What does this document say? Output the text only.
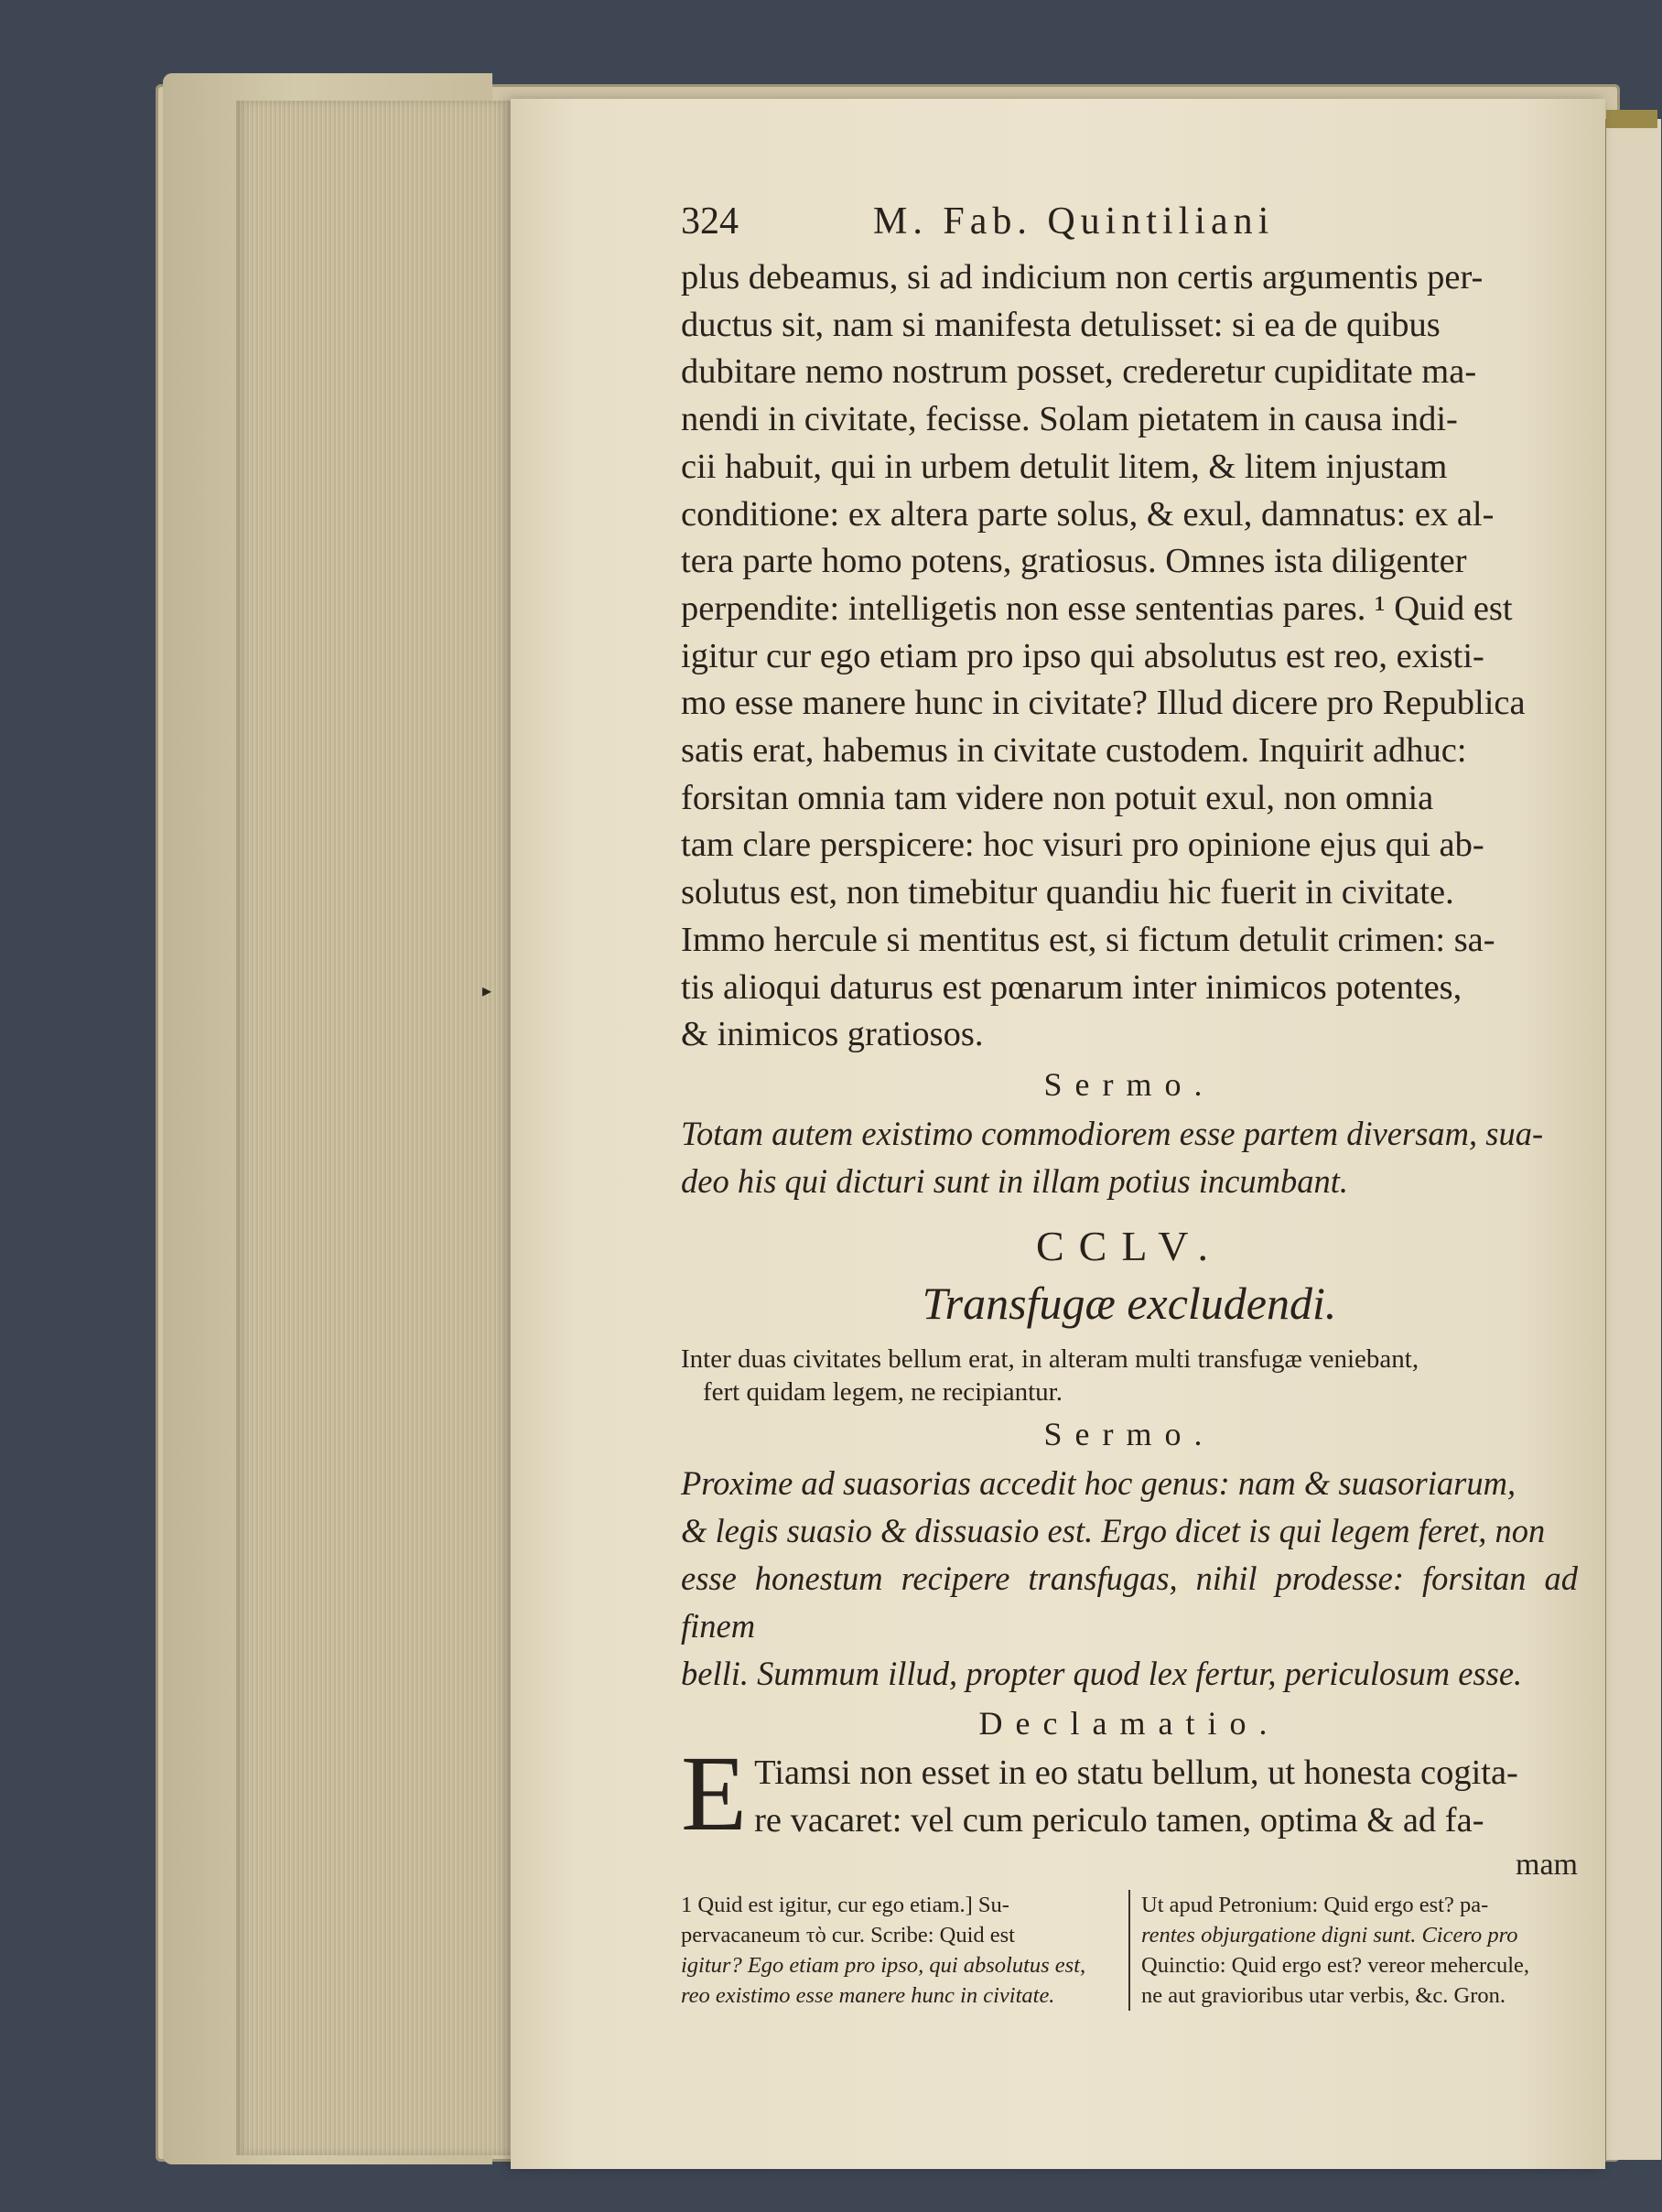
▸
324	M. Fab. Quintiliani
plus debeamus, si ad indicium non certis argumentis per-
ductus sit, nam si manifesta detulisset: si ea de quibus
dubitare nemo nostrum posset, crederetur cupiditate ma-
nendi in civitate, fecisse. Solam pietatem in causa indi-
cii habuit, qui in urbem detulit litem, & litem injustam
conditione: ex altera parte solus, & exul, damnatus: ex al-
tera parte homo potens, gratiosus. Omnes ista diligenter
perpendite: intelligetis non esse sententias pares. ¹ Quid est
igitur cur ego etiam pro ipso qui absolutus est reo, existi-
mo esse manere hunc in civitate? Illud dicere pro Republica
satis erat, habemus in civitate custodem. Inquirit adhuc:
forsitan omnia tam videre non potuit exul, non omnia
tam clare perspicere: hoc visuri pro opinione ejus qui ab-
solutus est, non timebitur quandiu hic fuerit in civitate.
Immo hercule si mentitus est, si fictum detulit crimen: sa-
tis alioqui daturus est pœnarum inter inimicos potentes,
& inimicos gratiosos.
Sermo.
Totam autem existimo commodiorem esse partem diversam, sua-
deo his qui dicturi sunt in illam potius incumbant.
CCLV.
Transfugæ excludendi.
Inter duas civitates bellum erat, in alteram multi transfugæ veniebant,
fert quidam legem, ne recipiantur.
Sermo.
Proxime ad suasorias accedit hoc genus: nam & suasoriarum,
& legis suasio & dissuasio est. Ergo dicet is qui legem feret, non
esse honestum recipere transfugas, nihil prodesse: forsitan ad finem
belli. Summum illud, propter quod lex fertur, periculosum esse.
Declamatio.
E Tiamsi non esset in eo statu bellum, ut honesta cogita-
re vacaret: vel cum periculo tamen, optima & ad fa-
mam
1 Quid est igitur, cur ego etiam.] Su-
pervacaneum τὸ cur. Scribe: Quid est
igitur? Ego etiam pro ipso, qui absolutus est,
reo existimo esse manere hunc in civitate.
Ut apud Petronium: Quid ergo est? pa-
rentes objurgatione digni sunt. Cicero pro
Quinctio: Quid ergo est? vereor mehercule,
ne aut gravioribus utar verbis, &c. Gron.
